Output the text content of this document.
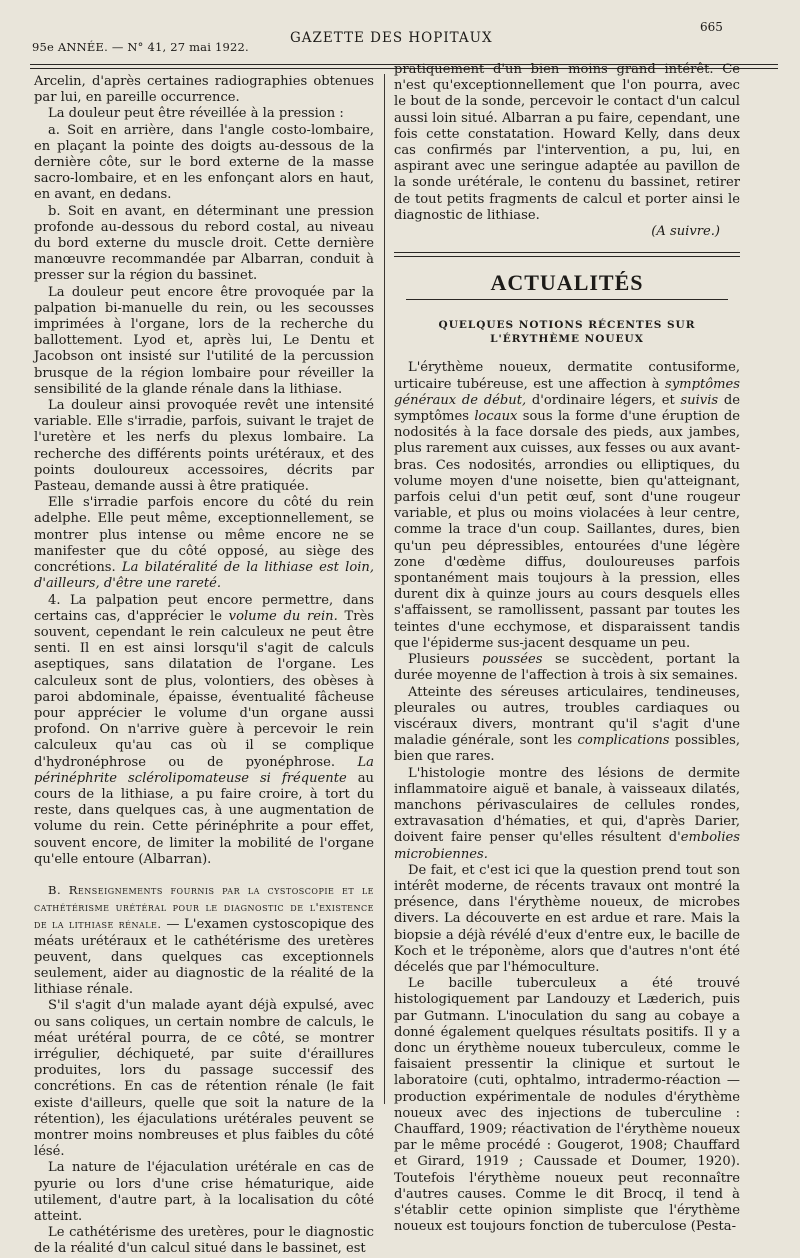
665
95e ANNÉE. — N° 41, 27 mai 1922.
GAZETTE DES HOPITAUX

Arcelin, d'après certaines radiographies obtenues par lui, en pareille occurrence.

La douleur peut être réveillée à la pression :

a. Soit en arrière, dans l'angle costo-lombaire, en plaçant la pointe des doigts au-dessous de la dernière côte, sur le bord externe de la masse sacro-lombaire, et en les enfonçant alors en haut, en avant, en dedans.

b. Soit en avant, en déterminant une pression profonde au-dessous du rebord costal, au niveau du bord externe du muscle droit. Cette dernière manœuvre recommandée par Albarran, conduit à presser sur la région du bassinet.

La douleur peut encore être provoquée par la palpation bi-manuelle du rein, ou les secousses imprimées à l'organe, lors de la recherche du ballottement. Lyod et, après lui, Le Dentu et Jacobson ont insisté sur l'utilité de la percussion brusque de la région lombaire pour réveiller la sensibilité de la glande rénale dans la lithiase.

La douleur ainsi provoquée revêt une intensité variable. Elle s'irradie, parfois, suivant le trajet de l'uretère et les nerfs du plexus lombaire. La recherche des différents points urétéraux, et des points douloureux accessoires, décrits par Pasteau, demande aussi à être pratiquée.

Elle s'irradie parfois encore du côté du rein adelphe. Elle peut même, exceptionnellement, se montrer plus intense ou même encore ne se manifester que du côté opposé, au siège des concrétions. La bilatéralité de la lithiase est loin, d'ailleurs, d'être une rareté.

4. La palpation peut encore permettre, dans certains cas, d'apprécier le volume du rein. Très souvent, cependant le rein calculeux ne peut être senti. Il en est ainsi lorsqu'il s'agit de calculs aseptiques, sans dilatation de l'organe. Les calculeux sont de plus, volontiers, des obèses à paroi abdominale, épaisse, éventualité fâcheuse pour apprécier le volume d'un organe aussi profond. On n'arrive guère à percevoir le rein calculeux qu'au cas où il se complique d'hydronéphrose ou de pyonéphrose. La périnéphrite sclérolipomateuse si fréquente au cours de la lithiase, a pu faire croire, à tort du reste, dans quelques cas, à une augmentation de volume du rein. Cette périnéphrite a pour effet, souvent encore, de limiter la mobilité de l'organe qu'elle entoure (Albarran).

B. Renseignements fournis par la cystoscopie et le cathétérisme urétéral pour le diagnostic de l'existence de la lithiase rénale. — L'examen cystoscopique des méats urétéraux et le cathétérisme des uretères peuvent, dans quelques cas exceptionnels seulement, aider au diagnostic de la réalité de la lithiase rénale.

S'il s'agit d'un malade ayant déjà expulsé, avec ou sans coliques, un certain nombre de calculs, le méat urétéral pourra, de ce côté, se montrer irrégulier, déchiqueté, par suite d'éraillures produites, lors du passage successif des concrétions. En cas de rétention rénale (le fait existe d'ailleurs, quelle que soit la nature de la rétention), les éjaculations urétérales peuvent se montrer moins nombreuses et plus faibles du côté lésé.

La nature de l'éjaculation urétérale en cas de pyurie ou lors d'une crise hématurique, aide utilement, d'autre part, à la localisation du côté atteint.

Le cathétérisme des uretères, pour le diagnostic de la réalité d'un calcul situé dans le bassinet, est

pratiquement d'un bien moins grand intérêt. Ce n'est qu'exceptionnellement que l'on pourra, avec le bout de la sonde, percevoir le contact d'un calcul aussi loin situé. Albarran a pu faire, cependant, une fois cette constatation. Howard Kelly, dans deux cas confirmés par l'intervention, a pu, lui, en aspirant avec une seringue adaptée au pavillon de la sonde urétérale, le contenu du bassinet, retirer de tout petits fragments de calcul et porter ainsi le diagnostic de lithiase.

(A suivre.)
ACTUALITÉS
QUELQUES NOTIONS RÉCENTES SUR L'ÉRYTHÈME NOUEUX

L'érythème noueux, dermatite contusiforme, urticaire tubéreuse, est une affection à symptômes généraux de début, d'ordinaire légers, et suivis de symptômes locaux sous la forme d'une éruption de nodosités à la face dorsale des pieds, aux jambes, plus rarement aux cuisses, aux fesses ou aux avant-bras. Ces nodosités, arrondies ou elliptiques, du volume moyen d'une noisette, bien qu'atteignant, parfois celui d'un petit œuf, sont d'une rougeur variable, et plus ou moins violacées à leur centre, comme la trace d'un coup. Saillantes, dures, bien qu'un peu dépressibles, entourées d'une légère zone d'œdème diffus, douloureuses parfois spontanément mais toujours à la pression, elles durent dix à quinze jours au cours desquels elles s'affaissent, se ramollissent, passant par toutes les teintes d'une ecchymose, et disparaissent tandis que l'épiderme sus-jacent desquame un peu.

Plusieurs poussées se succèdent, portant la durée moyenne de l'affection à trois à six semaines.

Atteinte des séreuses articulaires, tendineuses, pleurales ou autres, troubles cardiaques ou viscéraux divers, montrant qu'il s'agit d'une maladie générale, sont les complications possibles, bien que rares.

L'histologie montre des lésions de dermite inflammatoire aiguë et banale, à vaisseaux dilatés, manchons périvasculaires de cellules rondes, extravasation d'hématies, et qui, d'après Darier, doivent faire penser qu'elles résultent d'embolies microbiennes.

De fait, et c'est ici que la question prend tout son intérêt moderne, de récents travaux ont montré la présence, dans l'érythème noueux, de microbes divers. La découverte en est ardue et rare. Mais la biopsie a déjà révélé d'eux d'entre eux, le bacille de Koch et le tréponème, alors que d'autres n'ont été décelés que par l'hémoculture.

Le bacille tuberculeux a été trouvé histologiquement par Landouzy et Læderich, puis par Gutmann. L'inoculation du sang au cobaye a donné également quelques résultats positifs. Il y a donc un érythème noueux tuberculeux, comme le faisaient pressentir la clinique et surtout le laboratoire (cuti, ophtalmo, intradermo-réaction — production expérimentale de nodules d'érythème noueux avec des injections de tuberculine : Chauffard, 1909; réactivation de l'érythème noueux par le même procédé : Gougerot, 1908; Chauffard et Girard, 1919 ; Caussade et Doumer, 1920). Toutefois l'érythème noueux peut reconnaître d'autres causes. Comme le dit Brocq, il tend à s'établir cette opinion simpliste que l'érythème noueux est toujours fonction de tuberculose (Pesta-
